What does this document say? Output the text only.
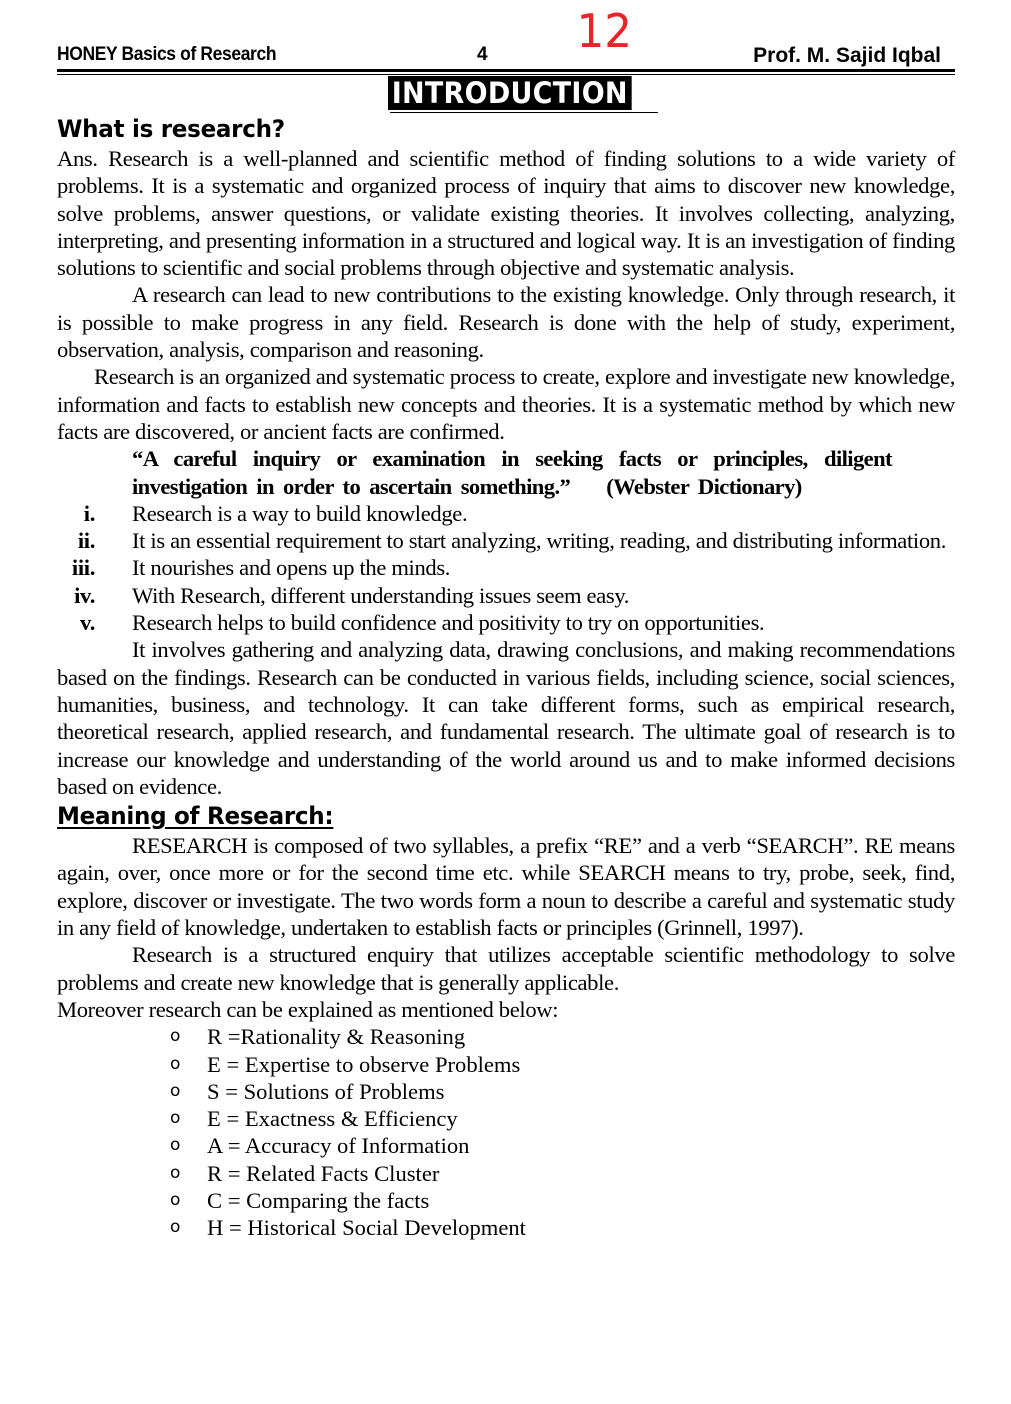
HONEY Basics of Research	4 12	Prof. M. Sajid Iqbal
INTRODUCTION
What is research?

Ans. Research is a well-planned and scientific method of finding solutions to a wide variety of problems. It is a systematic and organized process of inquiry that aims to discover new knowledge, solve problems, answer questions, or validate existing theories. It involves collecting, analyzing, interpreting, and presenting information in a structured and logical way. It is an investigation of finding solutions to scientific and social problems through objective and systematic analysis.

A research can lead to new contributions to the existing knowledge. Only through research, it is possible to make progress in any field. Research is done with the help of study, experiment, observation, analysis, comparison and reasoning.

Research is an organized and systematic process to create, explore and investigate new knowledge, information and facts to establish new concepts and theories. It is a systematic method by which new facts are discovered, or ancient facts are confirmed.

“A careful inquiry or examination in seeking facts or principles, diligent investigation in order to ascertain something.” (Webster Dictionary)
i. Research is a way to build knowledge.
ii. It is an essential requirement to start analyzing, writing, reading, and distributing information.
iii. It nourishes and opens up the minds.
iv. With Research, different understanding issues seem easy.
v. Research helps to build confidence and positivity to try on opportunities.

It involves gathering and analyzing data, drawing conclusions, and making recommendations based on the findings. Research can be conducted in various fields, including science, social sciences, humanities, business, and technology. It can take different forms, such as empirical research, theoretical research, applied research, and fundamental research. The ultimate goal of research is to increase our knowledge and understanding of the world around us and to make informed decisions based on evidence.

Meaning of Research:

RESEARCH is composed of two syllables, a prefix “RE” and a verb “SEARCH”. RE means again, over, once more or for the second time etc. while SEARCH means to try, probe, seek, find, explore, discover or investigate. The two words form a noun to describe a careful and systematic study in any field of knowledge, undertaken to establish facts or principles (Grinnell, 1997).

Research is a structured enquiry that utilizes acceptable scientific methodology to solve problems and create new knowledge that is generally applicable.

Moreover research can be explained as mentioned below:

o R =Rationality & Reasoning
o E = Expertise to observe Problems
o S = Solutions of Problems
o E = Exactness & Efficiency
o A = Accuracy of Information
o R = Related Facts Cluster
o C = Comparing the facts
o H = Historical Social Development
